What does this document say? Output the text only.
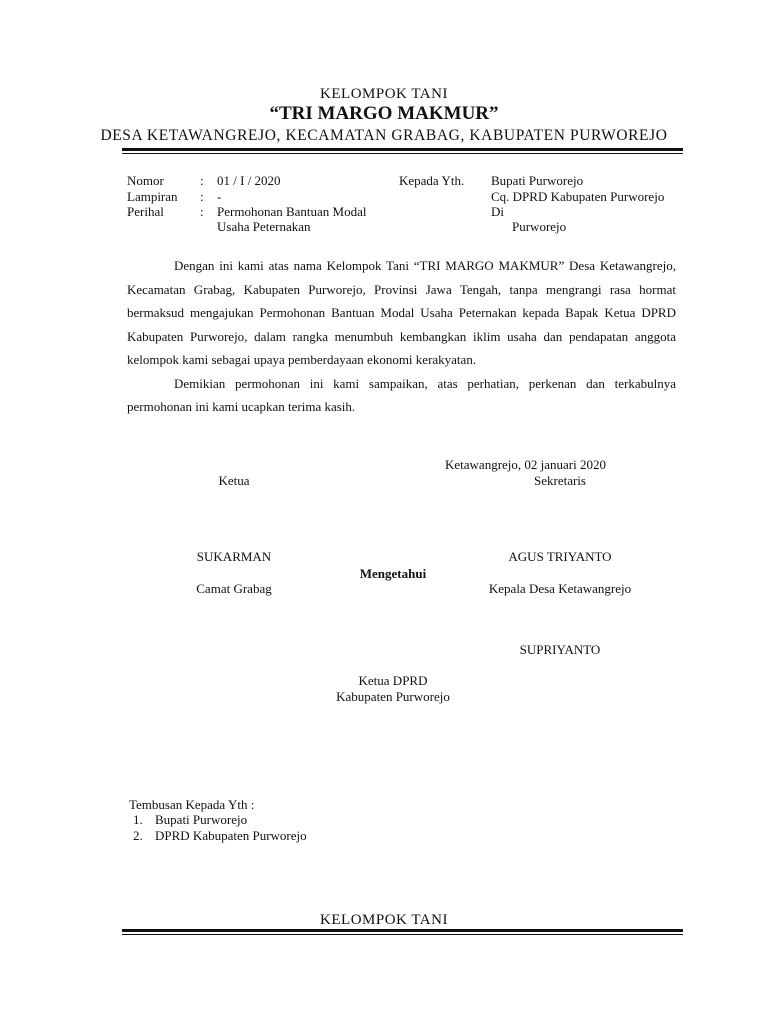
KELOMPOK TANI
“TRI MARGO MAKMUR”
DESA KETAWANGREJO, KECAMATAN GRABAG, KABUPATEN PURWOREJO
Nomor	: 01 / I / 2020
Lampiran : -
Perihal	: Permohonan Bantuan Modal
Usaha Peternakan
Kepada Yth. Bupati Purworejo
Cq. DPRD Kabupaten Purworejo
Di
Purworejo

Dengan ini kami atas nama Kelompok Tani “TRI MARGO MAKMUR” Desa Ketawangrejo, Kecamatan Grabag, Kabupaten Purworejo, Provinsi Jawa Tengah, tanpa mengrangi rasa hormat bermaksud mengajukan Permohonan Bantuan Modal Usaha Peternakan kepada Bapak Ketua DPRD Kabupaten Purworejo, dalam rangka menumbuh kembangkan iklim usaha dan pendapatan anggota kelompok kami sebagai upaya pemberdayaan ekonomi kerakyatan.

Demikian permohonan ini kami sampaikan, atas perhatian, perkenan dan terkabulnya permohonan ini kami ucapkan terima kasih.

Ketawangrejo, 02 januari 2020
Ketua	Sekretaris
SUKARMAN	AGUS TRIYANTO
Mengetahui
Camat Grabag	Kepala Desa Ketawangrejo
SUPRIYANTO
Ketua DPRD
Kabupaten Purworejo
Tembusan Kepada Yth :
1. Bupati Purworejo
2. DPRD Kabupaten Purworejo
KELOMPOK TANI
